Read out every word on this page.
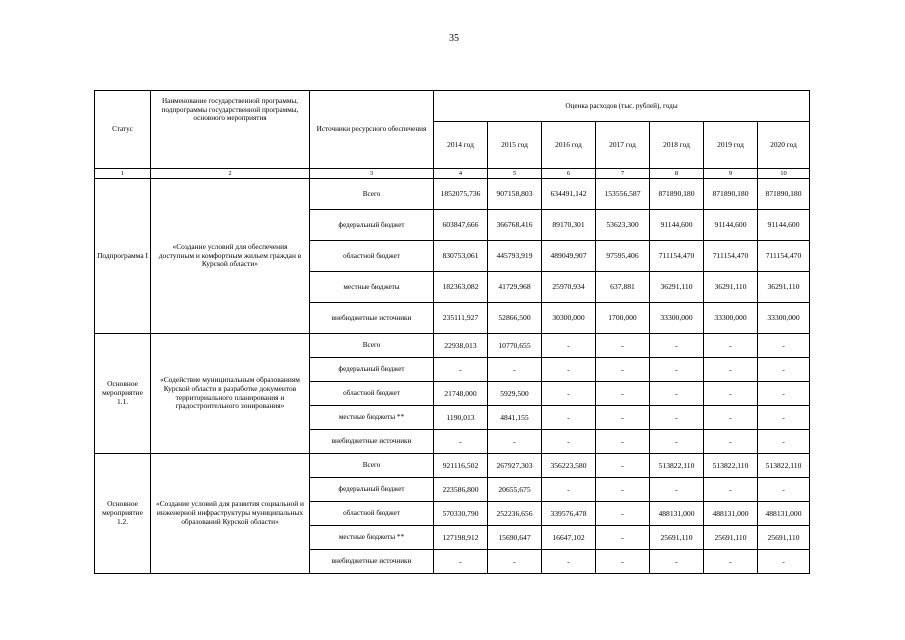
35
Статус	Наименование государственной программы, подпрограммы государственной программы, основного мероприятия	Источники ресурсного обеспечения	Оценка расходов (тыс. рублей), годы						
			2014 год	2015 год	2016 год	2017 год	2018 год	2019 год	2020 год
1	2	3	4	5	6	7	8	9	10
Подпрограмма I	«Создание условий для обеспечения доступным и комфортным жильем граждан в Курской области»	Всего	1852075,736	907158,803	634491,142	153556,587	871890,180	871890,180	871890,180
		федеральный бюджет	603847,666	366768,416	89170,301	53623,300	91144,600	91144,600	91144,600
		областной бюджет	830753,061	445793,919	489049,907	97595,406	711154,470	711154,470	711154,470
		местные бюджеты	182363,082	41729,968	25970,934	637,881	36291,110	36291,110	36291,110
		внебюджетные источники	235111,927	52866,500	30300,000	1700,000	33300,000	33300,000	33300,000
Основное мероприятие 1.1.	«Содействие муниципальным образованиям Курской области в разработке документов территориального планирования и градостроительного зонирования»	Всего	22938,013	10770,655	-	-	-	-	-
		федеральный бюджет	-	-	-	-	-	-	-
		областной бюджет	21748,000	5929,500	-	-	-	-	-
		местные бюджеты **	1190,013	4841,155	-	-	-	-	-
		внебюджетные источники	-	-	-	-	-	-	-
Основное мероприятие 1.2.	«Создание условий для развития социальной и инженерной инфраструктуры муниципальных образований Курской области»	Всего	921116,502	267927,303	356223,580	-	513822,110	513822,110	513822,110
		федеральный бюджет	223586,800	20655,675	-	-	-	-	-
		областной бюджет	570330,790	252236,656	339576,478	-	488131,000	488131,000	488131,000
		местные бюджеты **	127198,912	15690,647	16647,102	-	25691,110	25691,110	25691,110
		внебюджетные источники	-	-	-	-	-	-	-
